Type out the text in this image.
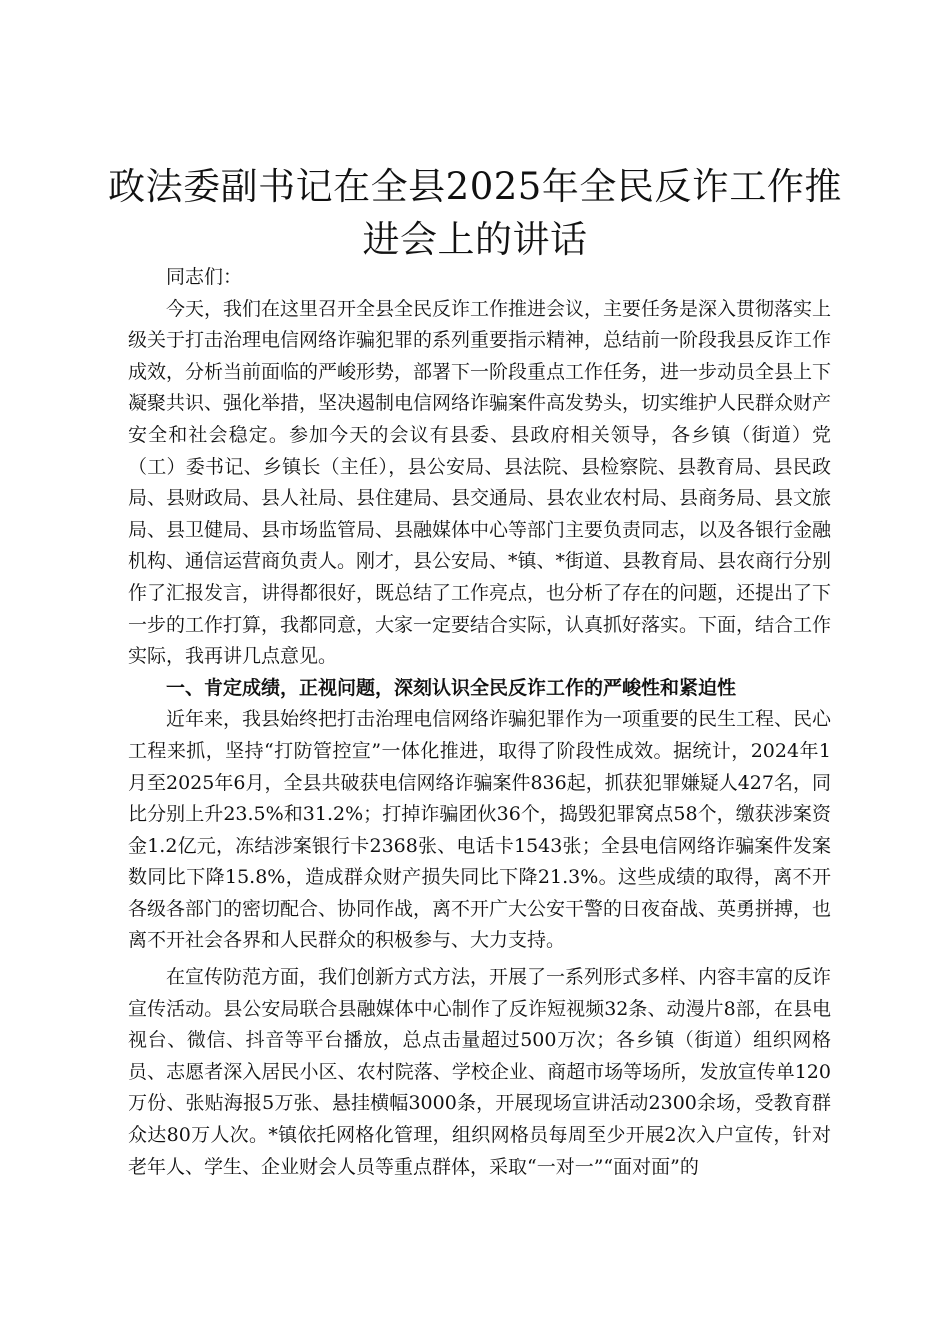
政法委副书记在全县2025年全民反诈工作推进会上的讲话

同志们：

今天，我们在这里召开全县全民反诈工作推进会议，主要任务是深入贯彻落实上级关于打击治理电信网络诈骗犯罪的系列重要指示精神，总结前一阶段我县反诈工作成效，分析当前面临的严峻形势，部署下一阶段重点工作任务，进一步动员全县上下凝聚共识、强化举措，坚决遏制电信网络诈骗案件高发势头，切实维护人民群众财产安全和社会稳定。参加今天的会议有县委、县政府相关领导，各乡镇（街道）党（工）委书记、乡镇长（主任），县公安局、县法院、县检察院、县教育局、县民政局、县财政局、县人社局、县住建局、县交通局、县农业农村局、县商务局、县文旅局、县卫健局、县市场监管局、县融媒体中心等部门主要负责同志，以及各银行金融机构、通信运营商负责人。刚才，县公安局、*镇、*街道、县教育局、县农商行分别作了汇报发言，讲得都很好，既总结了工作亮点，也分析了存在的问题，还提出了下一步的工作打算，我都同意，大家一定要结合实际，认真抓好落实。下面，结合工作实际，我再讲几点意见。

一、肯定成绩，正视问题，深刻认识全民反诈工作的严峻性和紧迫性

近年来，我县始终把打击治理电信网络诈骗犯罪作为一项重要的民生工程、民心工程来抓，坚持“打防管控宣”一体化推进，取得了阶段性成效。据统计，2024年1月至2025年6月，全县共破获电信网络诈骗案件836起，抓获犯罪嫌疑人427名，同比分别上升23.5%和31.2%；打掉诈骗团伙36个，捣毁犯罪窝点58个，缴获涉案资金1.2亿元，冻结涉案银行卡2368张、电话卡1543张；全县电信网络诈骗案件发案数同比下降15.8%，造成群众财产损失同比下降21.3%。这些成绩的取得，离不开各级各部门的密切配合、协同作战，离不开广大公安干警的日夜奋战、英勇拼搏，也离不开社会各界和人民群众的积极参与、大力支持。

在宣传防范方面，我们创新方式方法，开展了一系列形式多样、内容丰富的反诈宣传活动。县公安局联合县融媒体中心制作了反诈短视频32条、动漫片8部，在县电视台、微信、抖音等平台播放，总点击量超过500万次；各乡镇（街道）组织网格员、志愿者深入居民小区、农村院落、学校企业、商超市场等场所，发放宣传单120万份、张贴海报5万张、悬挂横幅3000条，开展现场宣讲活动2300余场，受教育群众达80万人次。*镇依托网格化管理，组织网格员每周至少开展2次入户宣传，针对老年人、学生、企业财会人员等重点群体，采取“一对一”“面对面”的
